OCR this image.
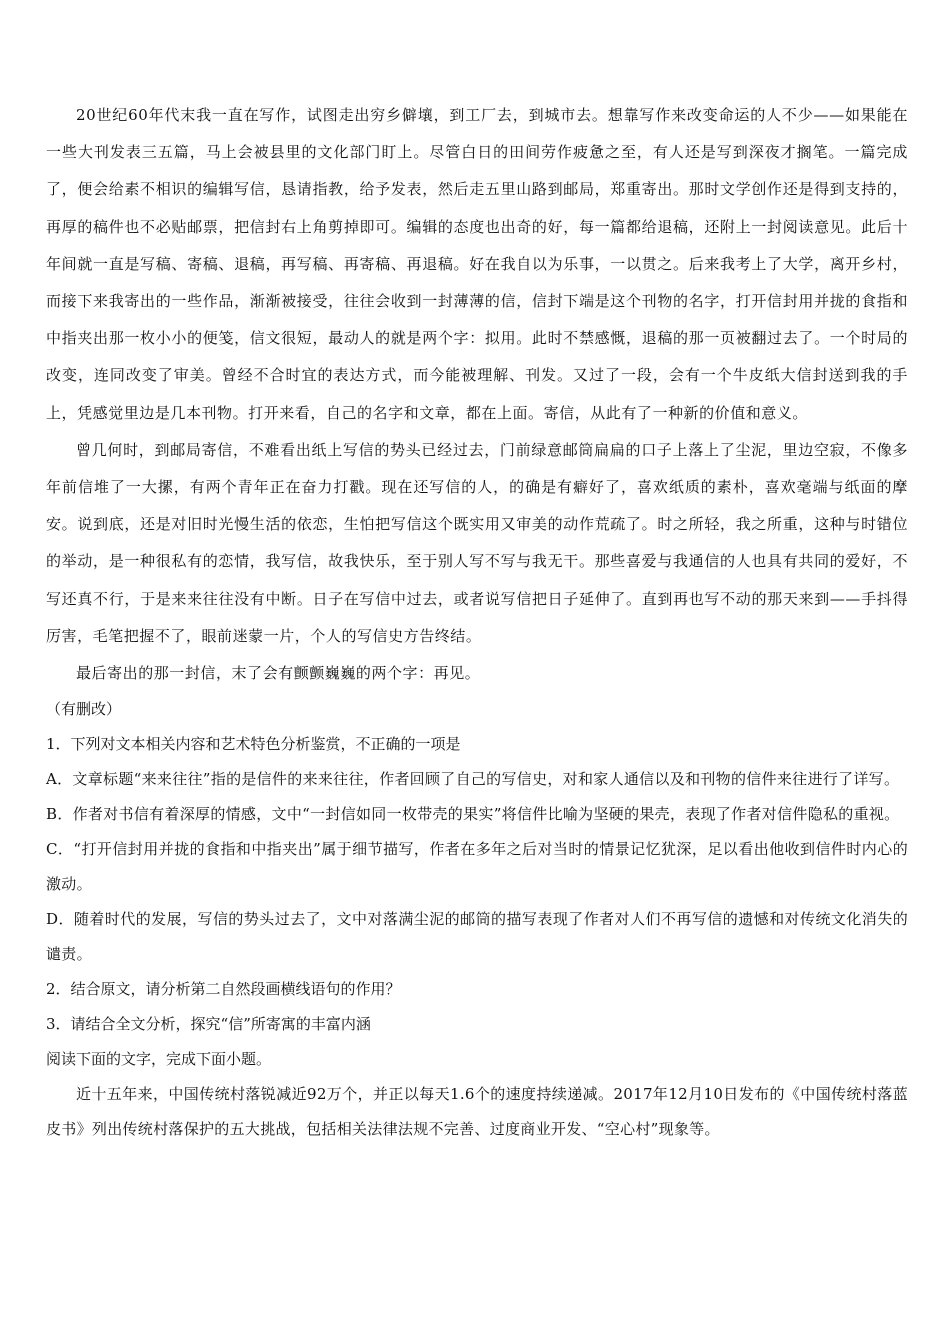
20世纪60年代末我一直在写作，试图走出穷乡僻壤，到工厂去，到城市去。想靠写作来改变命运的人不少——如果能在一些大刊发表三五篇，马上会被县里的文化部门盯上。尽管白日的田间劳作疲惫之至，有人还是写到深夜才搁笔。一篇完成了，便会给素不相识的编辑写信，恳请指教，给予发表，然后走五里山路到邮局，郑重寄出。那时文学创作还是得到支持的，再厚的稿件也不必贴邮票，把信封右上角剪掉即可。编辑的态度也出奇的好，每一篇都给退稿，还附上一封阅读意见。此后十年间就一直是写稿、寄稿、退稿，再写稿、再寄稿、再退稿。好在我自以为乐事，一以贯之。后来我考上了大学，离开乡村，而接下来我寄出的一些作品，渐渐被接受，往往会收到一封薄薄的信，信封下端是这个刊物的名字，打开信封用并拢的食指和中指夹出那一枚小小的便笺，信文很短，最动人的就是两个字：拟用。此时不禁感慨，退稿的那一页被翻过去了。一个时局的改变，连同改变了审美。曾经不合时宜的表达方式，而今能被理解、刊发。又过了一段，会有一个牛皮纸大信封送到我的手上，凭感觉里边是几本刊物。打开来看，自己的名字和文章，都在上面。寄信，从此有了一种新的价值和意义。

曾几何时，到邮局寄信，不难看出纸上写信的势头已经过去，门前绿意邮筒扁扁的口子上落上了尘泥，里边空寂，不像多年前信堆了一大摞，有两个青年正在奋力打戳。现在还写信的人，的确是有癖好了，喜欢纸质的素朴，喜欢毫端与纸面的摩安。说到底，还是对旧时光慢生活的依恋，生怕把写信这个既实用又审美的动作荒疏了。时之所轻，我之所重，这种与时错位的举动，是一种很私有的恋情，我写信，故我快乐，至于别人写不写与我无干。那些喜爱与我通信的人也具有共同的爱好，不写还真不行，于是来来往往没有中断。日子在写信中过去，或者说写信把日子延伸了。直到再也写不动的那天来到——手抖得厉害，毛笔把握不了，眼前迷蒙一片，个人的写信史方告终结。

最后寄出的那一封信，末了会有颤颤巍巍的两个字：再见。

（有删改）

1．下列对文本相关内容和艺术特色分析鉴赏，不正确的一项是

A．文章标题“来来往往”指的是信件的来来往往，作者回顾了自己的写信史，对和家人通信以及和刊物的信件来往进行了详写。

B．作者对书信有着深厚的情感，文中“一封信如同一枚带壳的果实”将信件比喻为坚硬的果壳，表现了作者对信件隐私的重视。

C．“打开信封用并拢的食指和中指夹出”属于细节描写，作者在多年之后对当时的情景记忆犹深，足以看出他收到信件时内心的激动。

D．随着时代的发展，写信的势头过去了，文中对落满尘泥的邮筒的描写表现了作者对人们不再写信的遗憾和对传统文化消失的谴责。

2．结合原文，请分析第二自然段画横线语句的作用？

3．请结合全文分析，探究“信”所寄寓的丰富内涵

阅读下面的文字，完成下面小题。

近十五年来，中国传统村落锐减近92万个，并正以每天1.6个的速度持续递减。2017年12月10日发布的《中国传统村落蓝皮书》列出传统村落保护的五大挑战，包括相关法律法规不完善、过度商业开发、“空心村”现象等。
